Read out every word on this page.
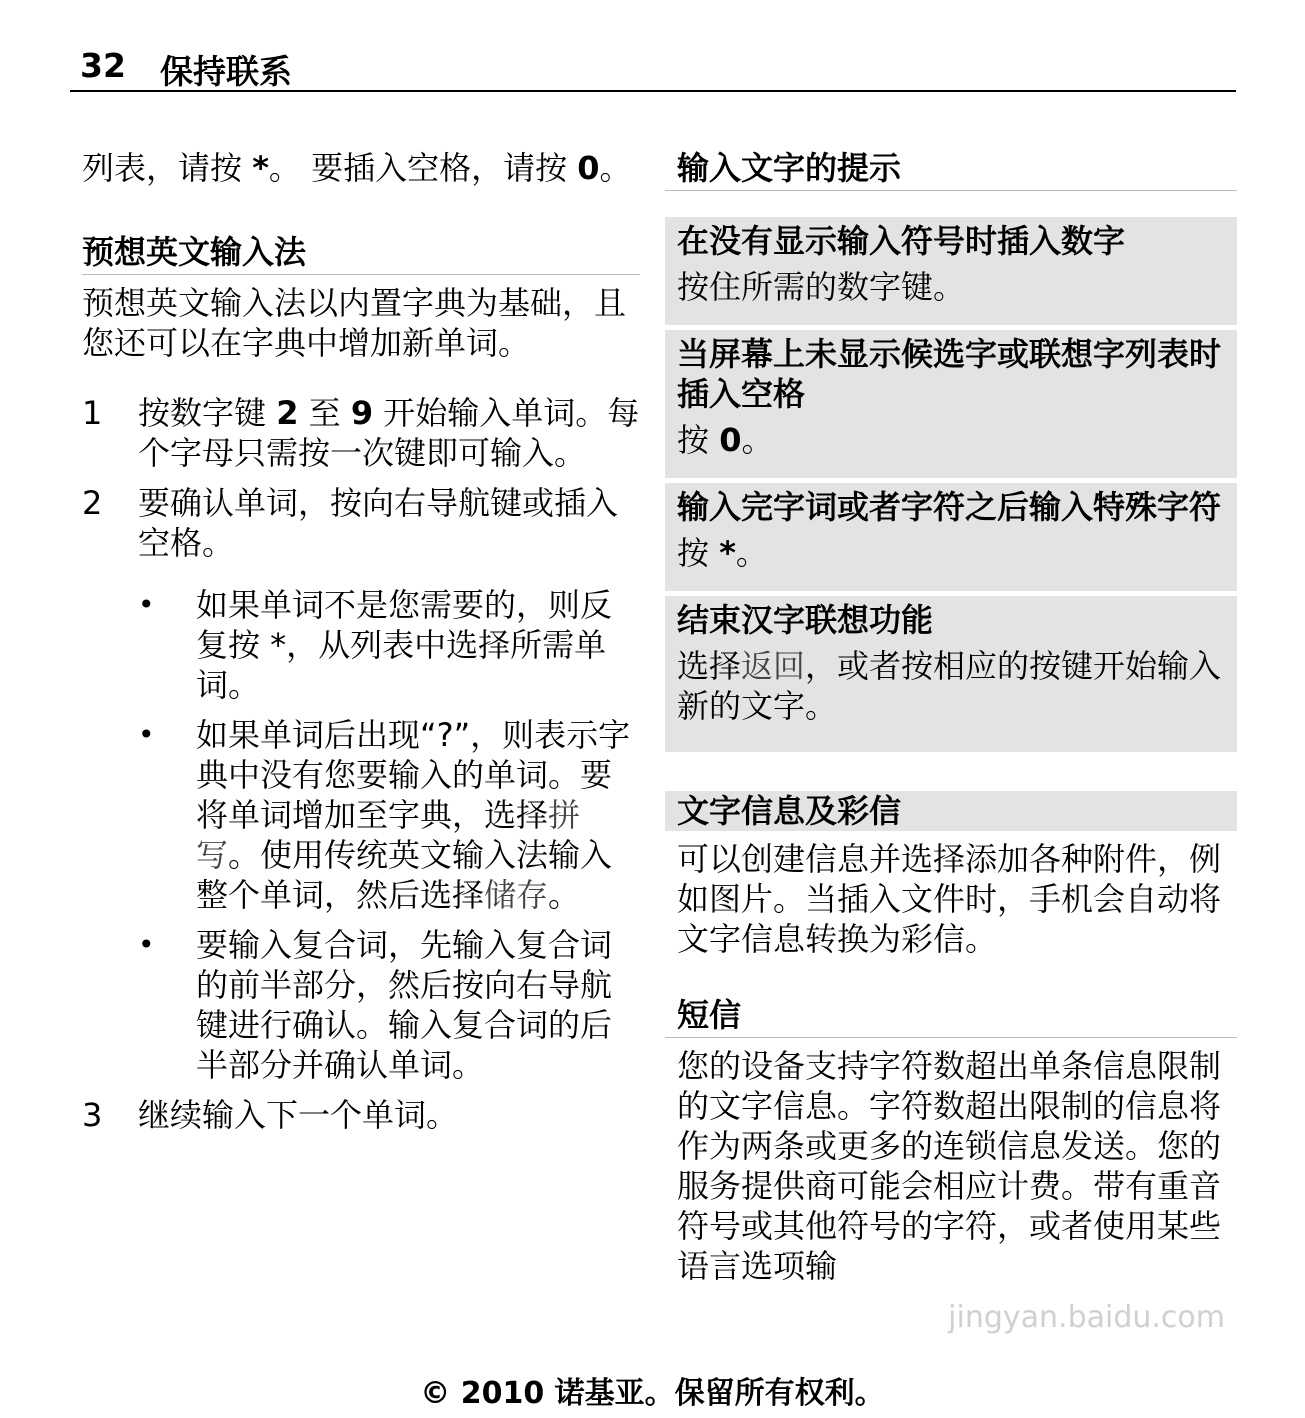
32 保持联系

列表，请按 *。 要插入空格，请按 0。

预想英文输入法

预想英文输入法以内置字典为基础，且您还可以在字典中增加新单词。

1 按数字键 2 至 9 开始输入单词。每个字母只需按一次键即可输入。

2 要确认单词，按向右导航键或插入空格。

• 如果单词不是您需要的，则反复按 *，从列表中选择所需单词。

• 如果单词后出现“?”，则表示字典中没有您要输入的单词。要将单词增加至字典，选择拼写。使用传统英文输入法输入整个单词，然后选择储存。

• 要输入复合词，先输入复合词的前半部分，然后按向右导航键进行确认。输入复合词的后半部分并确认单词。

3 继续输入下一个单词。

输入文字的提示
在没有显示输入符号时插入数字

按住所需的数字键。

当屏幕上未显示候选字或联想字列表时插入空格

按 0。

输入完字词或者字符之后输入特殊字符

按 *。

结束汉字联想功能

选择返回，或者按相应的按键开始输入新的文字。

文字信息及彩信

可以创建信息并选择添加各种附件，例如图片。当插入文件时，手机会自动将文字信息转换为彩信。

短信

您的设备支持字符数超出单条信息限制的文字信息。字符数超出限制的信息将作为两条或更多的连锁信息发送。您的服务提供商可能会相应计费。带有重音符号或其他符号的字符，或者使用某些语言选项输

jingyan.baidu.com
© 2010 诺基亚。保留所有权利。
